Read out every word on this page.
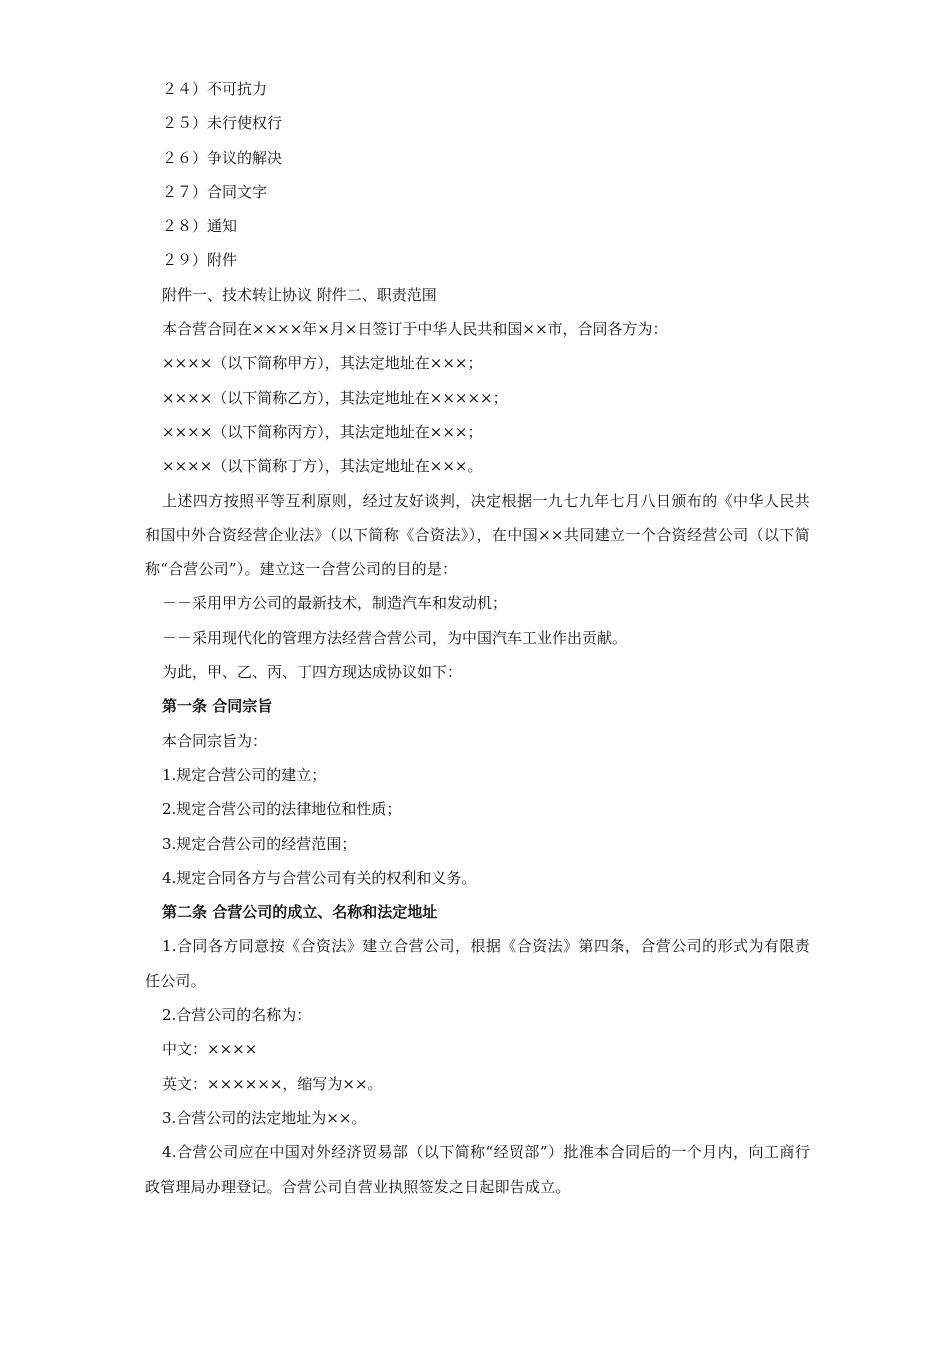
２４）不可抗力
２５）未行使权行
２６）争议的解决
２７）合同文字
２８）通知
２９）附件
附件一、技术转让协议 附件二、职责范围
本合营合同在××××年×月×日签订于中华人民共和国××市，合同各方为：
××××（以下简称甲方），其法定地址在×××；
××××（以下简称乙方），其法定地址在×××××；
××××（以下简称丙方），其法定地址在×××；
××××（以下简称丁方），其法定地址在×××。

上述四方按照平等互利原则，经过友好谈判，决定根据一九七九年七月八日颁布的《中华人民共和国中外合资经营企业法》（以下简称《合资法》），在中国××共同建立一个合资经营公司（以下简称“合营公司”）。建立这一合营公司的目的是：

－－采用甲方公司的最新技术，制造汽车和发动机；
－－采用现代化的管理方法经营合营公司，为中国汽车工业作出贡献。
为此，甲、乙、丙、丁四方现达成协议如下：
第一条 合同宗旨
本合同宗旨为：
1.规定合营公司的建立；
2.规定合营公司的法律地位和性质；
3.规定合营公司的经营范围；
4.规定合同各方与合营公司有关的权利和义务。
第二条 合营公司的成立、名称和法定地址

1.合同各方同意按《合资法》建立合营公司，根据《合资法》第四条，合营公司的形式为有限责任公司。

2.合营公司的名称为：
中文：××××
英文：××××××，缩写为××。
3.合营公司的法定地址为××。

4.合营公司应在中国对外经济贸易部（以下简称“经贸部”）批准本合同后的一个月内，向工商行政管理局办理登记。合营公司自营业执照签发之日起即告成立。
